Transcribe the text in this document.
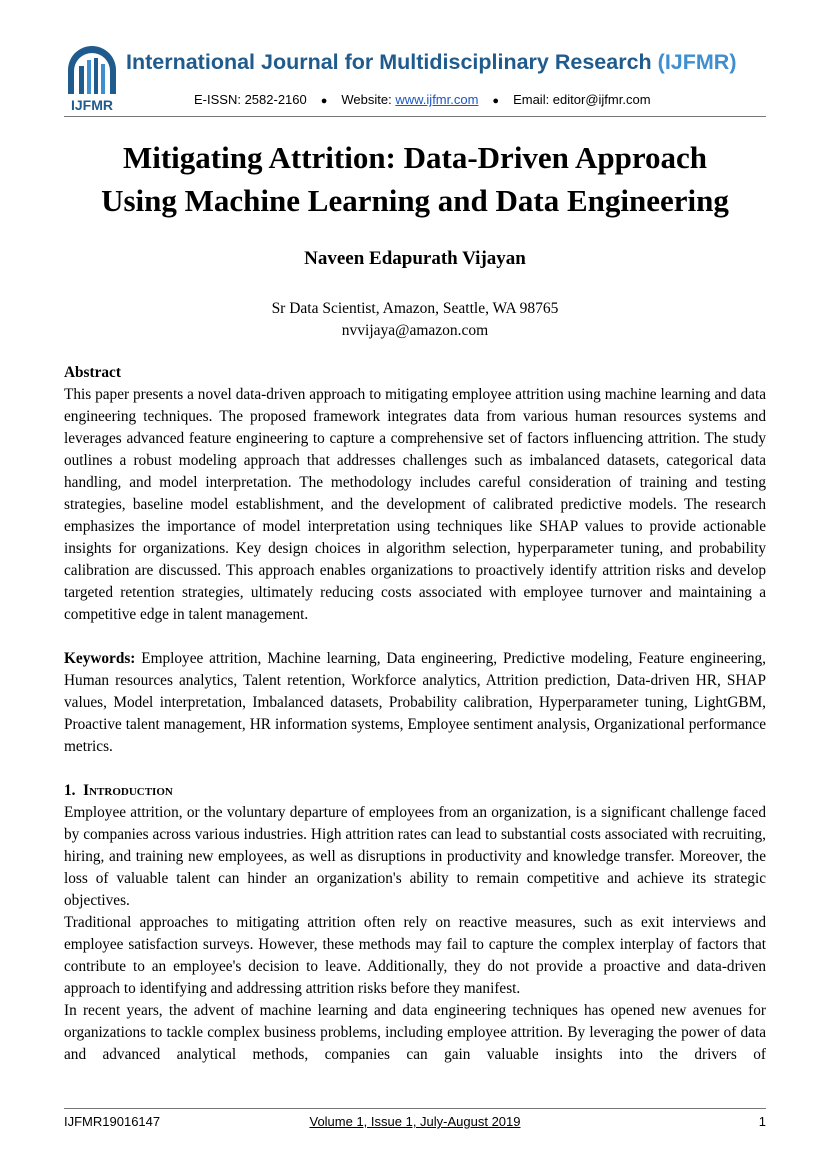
IJFMR
International Journal for Multidisciplinary Research (IJFMR)
E-ISSN: 2582-2160 ● Website: www.ijfmr.com ● Email: editor@ijfmr.com
Mitigating Attrition: Data-Driven Approach
Using Machine Learning and Data Engineering
Naveen Edapurath Vijayan
Sr Data Scientist, Amazon, Seattle, WA 98765
nvvijaya@amazon.com

Abstract

This paper presents a novel data-driven approach to mitigating employee attrition using machine learning and data engineering techniques. The proposed framework integrates data from various human resources systems and leverages advanced feature engineering to capture a comprehensive set of factors influencing attrition. The study outlines a robust modeling approach that addresses challenges such as imbalanced datasets, categorical data handling, and model interpretation. The methodology includes careful consideration of training and testing strategies, baseline model establishment, and the development of calibrated predictive models. The research emphasizes the importance of model interpretation using techniques like SHAP values to provide actionable insights for organizations. Key design choices in algorithm selection, hyperparameter tuning, and probability calibration are discussed. This approach enables organizations to proactively identify attrition risks and develop targeted retention strategies, ultimately reducing costs associated with employee turnover and maintaining a competitive edge in talent management.

Keywords: Employee attrition, Machine learning, Data engineering, Predictive modeling, Feature engineering, Human resources analytics, Talent retention, Workforce analytics, Attrition prediction, Data-driven HR, SHAP values, Model interpretation, Imbalanced datasets, Probability calibration, Hyperparameter tuning, LightGBM, Proactive talent management, HR information systems, Employee sentiment analysis, Organizational performance metrics.

1. Introduction

Employee attrition, or the voluntary departure of employees from an organization, is a significant challenge faced by companies across various industries. High attrition rates can lead to substantial costs associated with recruiting, hiring, and training new employees, as well as disruptions in productivity and knowledge transfer. Moreover, the loss of valuable talent can hinder an organization's ability to remain competitive and achieve its strategic objectives.

Traditional approaches to mitigating attrition often rely on reactive measures, such as exit interviews and employee satisfaction surveys. However, these methods may fail to capture the complex interplay of factors that contribute to an employee's decision to leave. Additionally, they do not provide a proactive and data-driven approach to identifying and addressing attrition risks before they manifest.

In recent years, the advent of machine learning and data engineering techniques has opened new avenues for organizations to tackle complex business problems, including employee attrition. By leveraging the power of data and advanced analytical methods, companies can gain valuable insights into the drivers of

IJFMR19016147	Volume 1, Issue 1, July-August 2019	1
